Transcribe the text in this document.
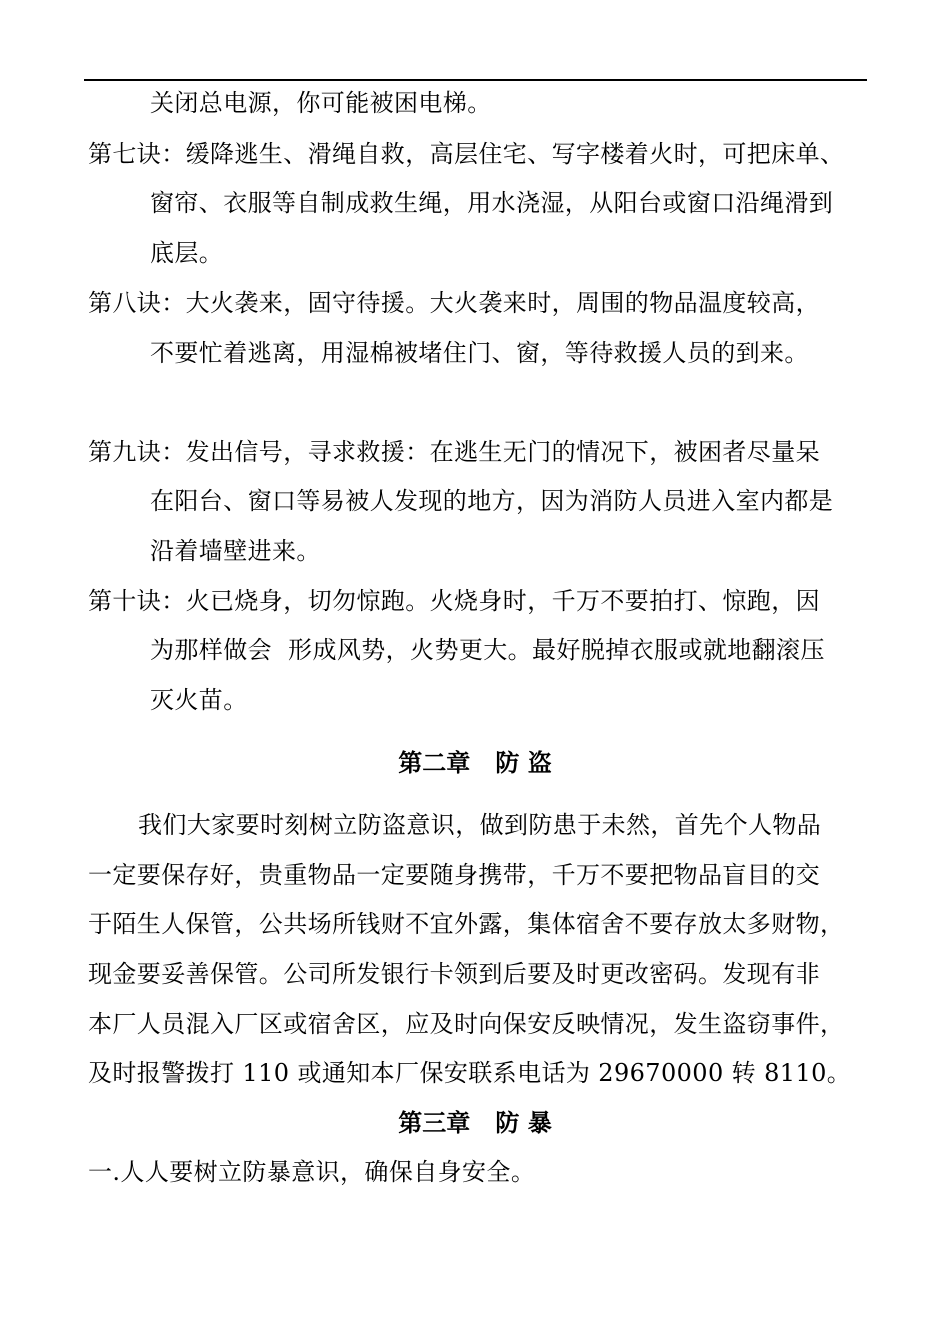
关闭总电源，你可能被困电梯。
第七诀：缓降逃生、滑绳自救，高层住宅、写字楼着火时，可把床单、
窗帘、衣服等自制成救生绳，用水浇湿，从阳台或窗口沿绳滑到
底层。
第八诀：大火袭来，固守待援。大火袭来时，周围的物品温度较高，
不要忙着逃离，用湿棉被堵住门、窗，等待救援人员的到来。
第九诀：发出信号，寻求救援：在逃生无门的情况下，被困者尽量呆
在阳台、窗口等易被人发现的地方，因为消防人员进入室内都是
沿着墙壁进来。
第十诀：火已烧身，切勿惊跑。火烧身时，千万不要拍打、惊跑，因
为那样做会  形成风势，火势更大。最好脱掉衣服或就地翻滚压
灭火苗。
第二章   防 盗
我们大家要时刻树立防盗意识，做到防患于未然，首先个人物品
一定要保存好，贵重物品一定要随身携带，千万不要把物品盲目的交
于陌生人保管，公共场所钱财不宜外露，集体宿舍不要存放太多财物，
现金要妥善保管。公司所发银行卡领到后要及时更改密码。发现有非
本厂人员混入厂区或宿舍区，应及时向保安反映情况，发生盗窃事件，
及时报警拨打 110 或通知本厂保安联系电话为 29670000 转 8110。
第三章   防 暴
一.人人要树立防暴意识，确保自身安全。
